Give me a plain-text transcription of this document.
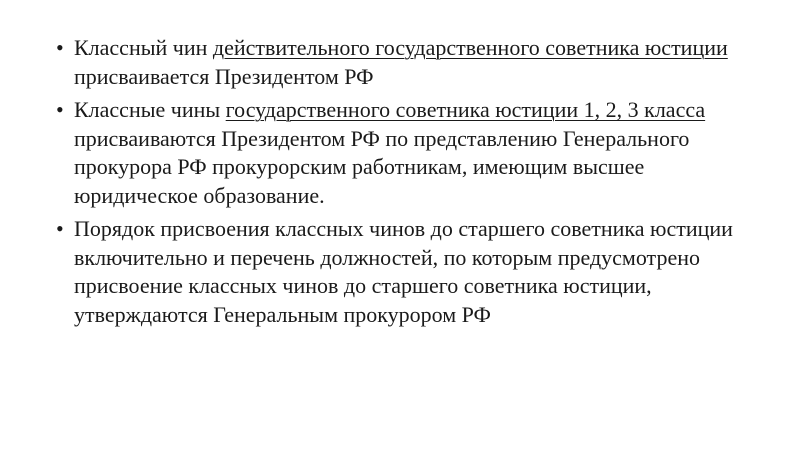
• Классный чин действительного государственного советника юстиции присваивается Президентом РФ
• Классные чины государственного советника юстиции 1, 2, 3 класса присваиваются Президентом РФ по представлению Генерального прокурора РФ прокурорским работникам, имеющим высшее юридическое образование.
• Порядок присвоения классных чинов до старшего советника юстиции включительно и перечень должностей, по которым предусмотрено присвоение классных чинов до старшего советника юстиции, утверждаются Генеральным прокурором РФ
